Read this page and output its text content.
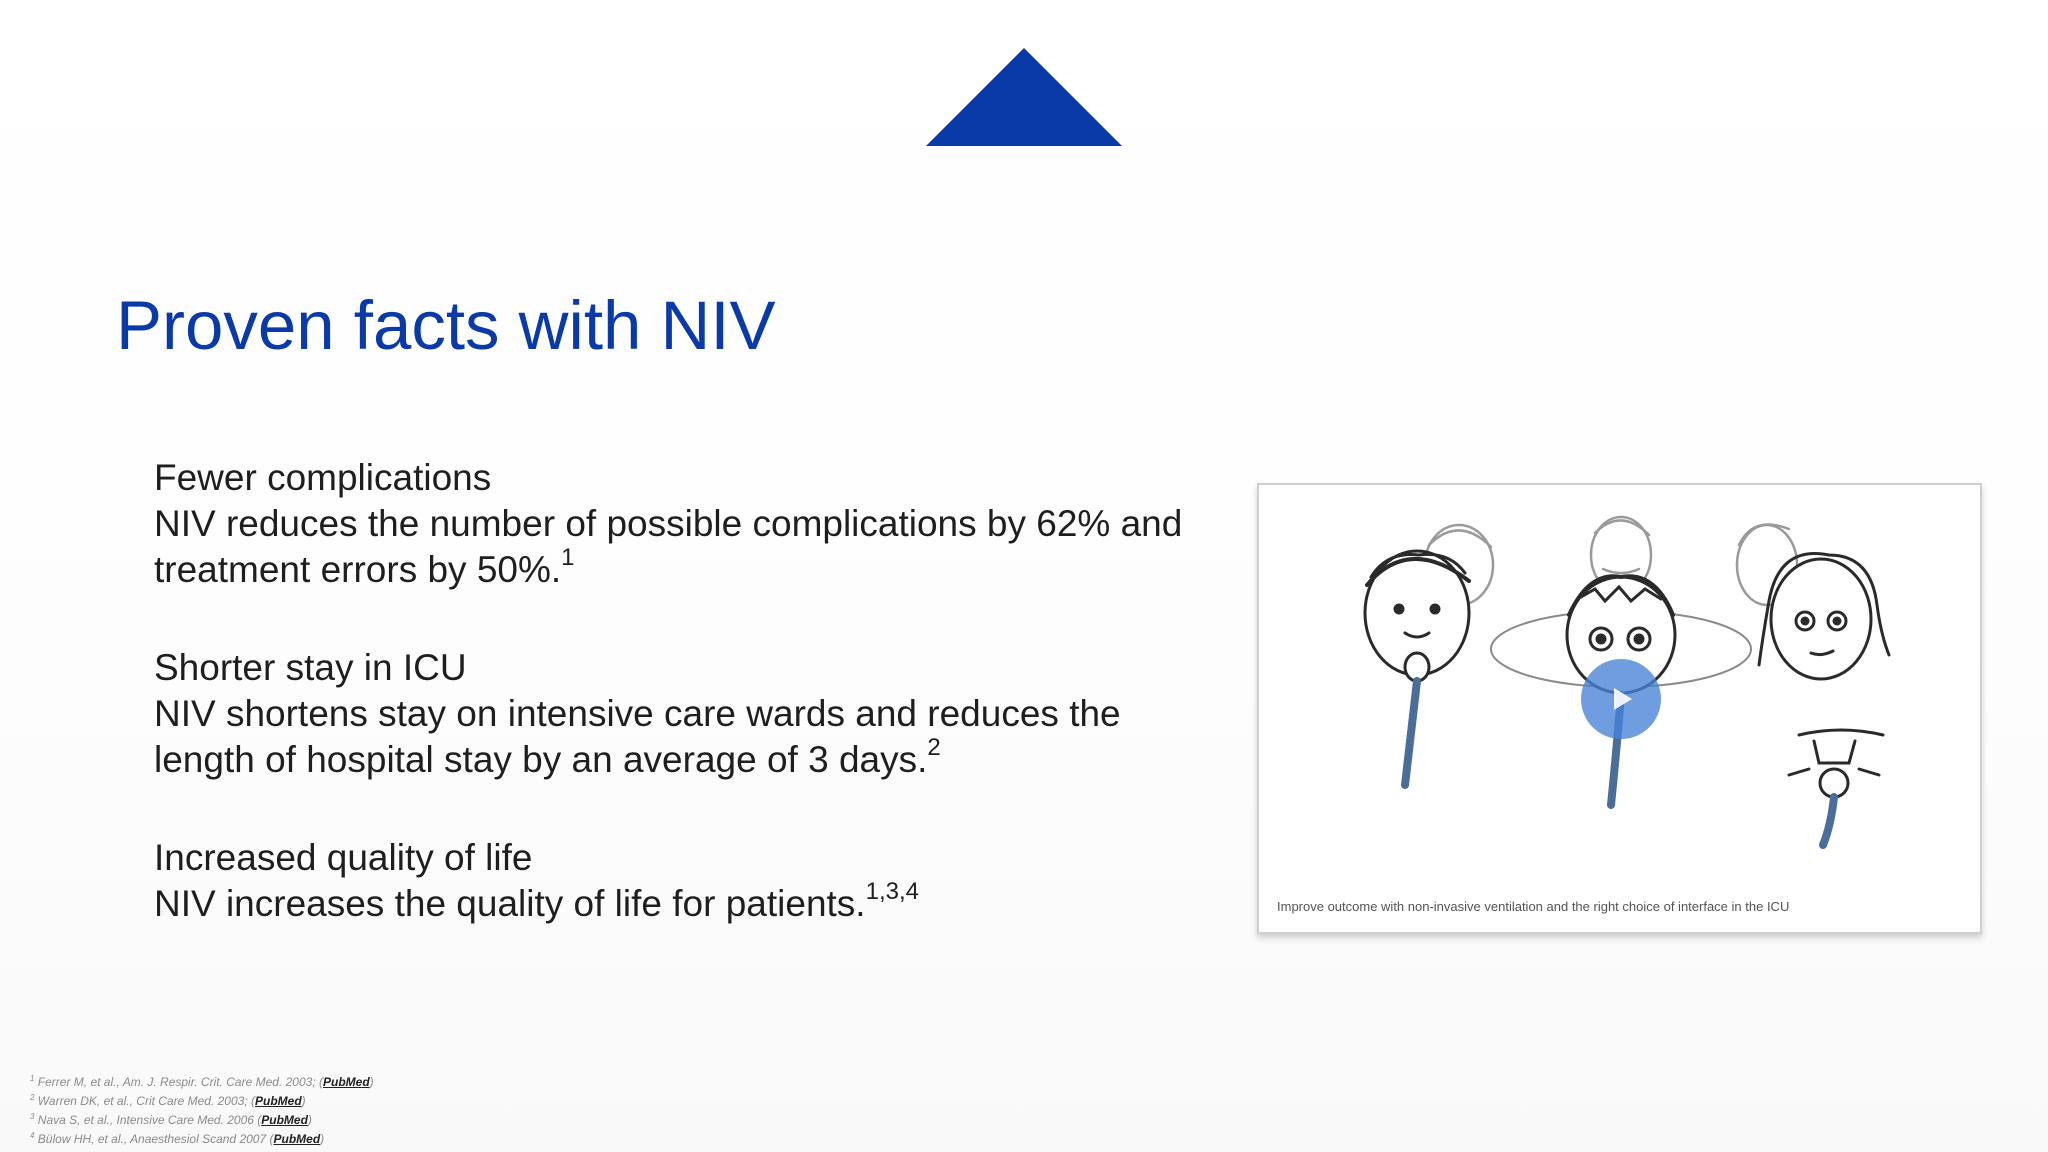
Proven facts with NIV
Fewer complications
NIV reduces the number of possible complications by 62% and treatment errors by 50%.$^1$
Shorter stay in ICU
NIV shortens stay on intensive care wards and reduces the length of hospital stay by an average of 3 days.$^2$
Increased quality of life
NIV increases the quality of life for patients.$^{1,3,4}$
Improve outcome with non-invasive ventilation and the right choice of interface in the ICU
$^1$ Ferrer M, et al., Am. J. Respir. Crit. Care Med. 2003; (PubMed)
$^2$ Warren DK, et al., Crit Care Med. 2003; (PubMed)
$^3$ Nava S, et al., Intensive Care Med. 2006 (PubMed)
$^4$ Bülow HH, et al., Anaesthesiol Scand 2007 (PubMed)
